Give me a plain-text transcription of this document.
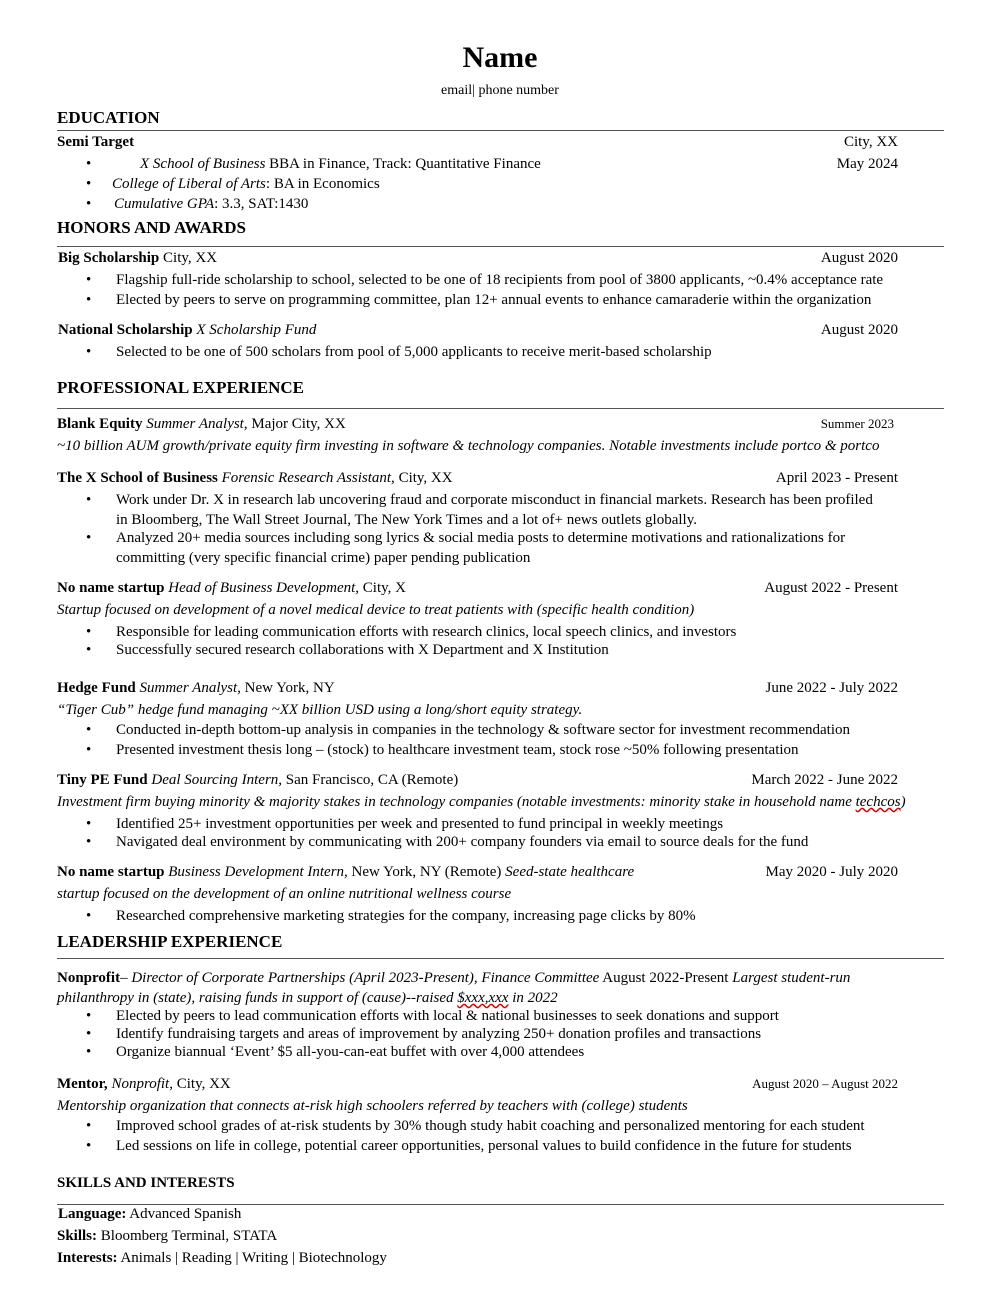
Name
email| phone number
EDUCATION
Semi Target	City, XX
•	X School of Business BBA in Finance, Track: Quantitative Finance	May 2024
• College of Liberal of Arts: BA in Economics
• Cumulative GPA: 3.3, SAT:1430
HONORS AND AWARDS
Big Scholarship City, XX	August 2020
• Flagship full-ride scholarship to school, selected to be one of 18 recipients from pool of 3800 applicants, ~0.4% acceptance rate
• Elected by peers to serve on programming committee, plan 12+ annual events to enhance camaraderie within the organization
National Scholarship X Scholarship Fund	August 2020
• Selected to be one of 500 scholars from pool of 5,000 applicants to receive merit-based scholarship
PROFESSIONAL EXPERIENCE
Blank Equity Summer Analyst, Major City, XX	Summer 2023
~10 billion AUM growth/private equity firm investing in software & technology companies. Notable investments include portco & portco
The X School of Business Forensic Research Assistant, City, XX	April 2023 - Present
• Work under Dr. X in research lab uncovering fraud and corporate misconduct in financial markets. Research has been profiled
in Bloomberg, The Wall Street Journal, The New York Times and a lot of+ news outlets globally.
• Analyzed 20+ media sources including song lyrics & social media posts to determine motivations and rationalizations for
committing (very specific financial crime) paper pending publication
No name startup Head of Business Development, City, X	August 2022 - Present
Startup focused on development of a novel medical device to treat patients with (specific health condition)
• Responsible for leading communication efforts with research clinics, local speech clinics, and investors
• Successfully secured research collaborations with X Department and X Institution
Hedge Fund Summer Analyst, New York, NY	June 2022 - July 2022
“Tiger Cub” hedge fund managing ~XX billion USD using a long/short equity strategy.
• Conducted in-depth bottom-up analysis in companies in the technology & software sector for investment recommendation
• Presented investment thesis long – (stock) to healthcare investment team, stock rose ~50% following presentation
Tiny PE Fund Deal Sourcing Intern, San Francisco, CA (Remote)	March 2022 - June 2022
Investment firm buying minority & majority stakes in technology companies (notable investments: minority stake in household name techcos)
• Identified 25+ investment opportunities per week and presented to fund principal in weekly meetings
• Navigated deal environment by communicating with 200+ company founders via email to source deals for the fund
No name startup Business Development Intern, New York, NY (Remote) Seed-state healthcare	May 2020 - July 2020
startup focused on the development of an online nutritional wellness course
• Researched comprehensive marketing strategies for the company, increasing page clicks by 80%
LEADERSHIP EXPERIENCE
Nonprofit– Director of Corporate Partnerships (April 2023-Present), Finance Committee August 2022-Present Largest student-run
philanthropy in (state), raising funds in support of (cause)--raised $xxx,xxx in 2022
• Elected by peers to lead communication efforts with local & national businesses to seek donations and support
• Identify fundraising targets and areas of improvement by analyzing 250+ donation profiles and transactions
• Organize biannual ‘Event’ $5 all-you-can-eat buffet with over 4,000 attendees
Mentor, Nonprofit, City, XX	August 2020 – August 2022
Mentorship organization that connects at-risk high schoolers referred by teachers with (college) students
• Improved school grades of at-risk students by 30% though study habit coaching and personalized mentoring for each student
• Led sessions on life in college, potential career opportunities, personal values to build confidence in the future for students
SKILLS AND INTERESTS
Language: Advanced Spanish
Skills: Bloomberg Terminal, STATA
Interests: Animals | Reading | Writing | Biotechnology
